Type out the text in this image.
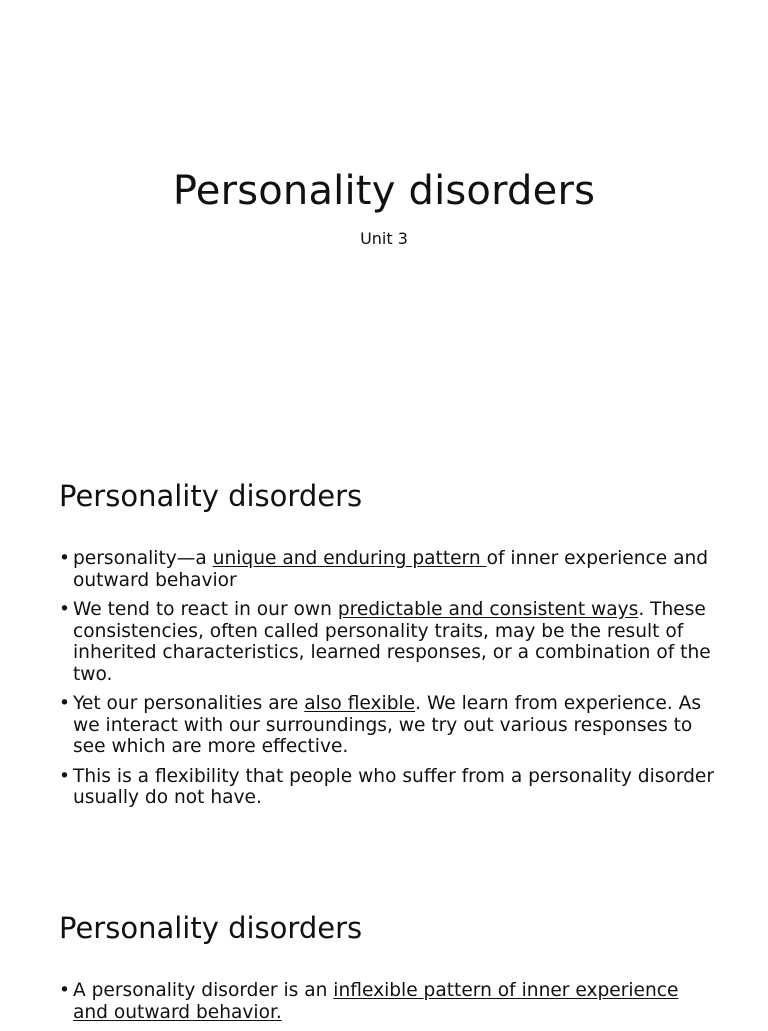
Personality disorders

Unit 3

Personality disorders
• personality—a unique and enduring pattern of inner experience and outward behavior
• We tend to react in our own predictable and consistent ways. These consistencies, often called personality traits, may be the result of inherited characteristics, learned responses, or a combination of the two.
• Yet our personalities are also flexible. We learn from experience. As we interact with our surroundings, we try out various responses to see which are more effective.
• This is a flexibility that people who suffer from a personality disorder usually do not have.
Personality disorders
• A personality disorder is an inflexible pattern of inner experience and outward behavior.
